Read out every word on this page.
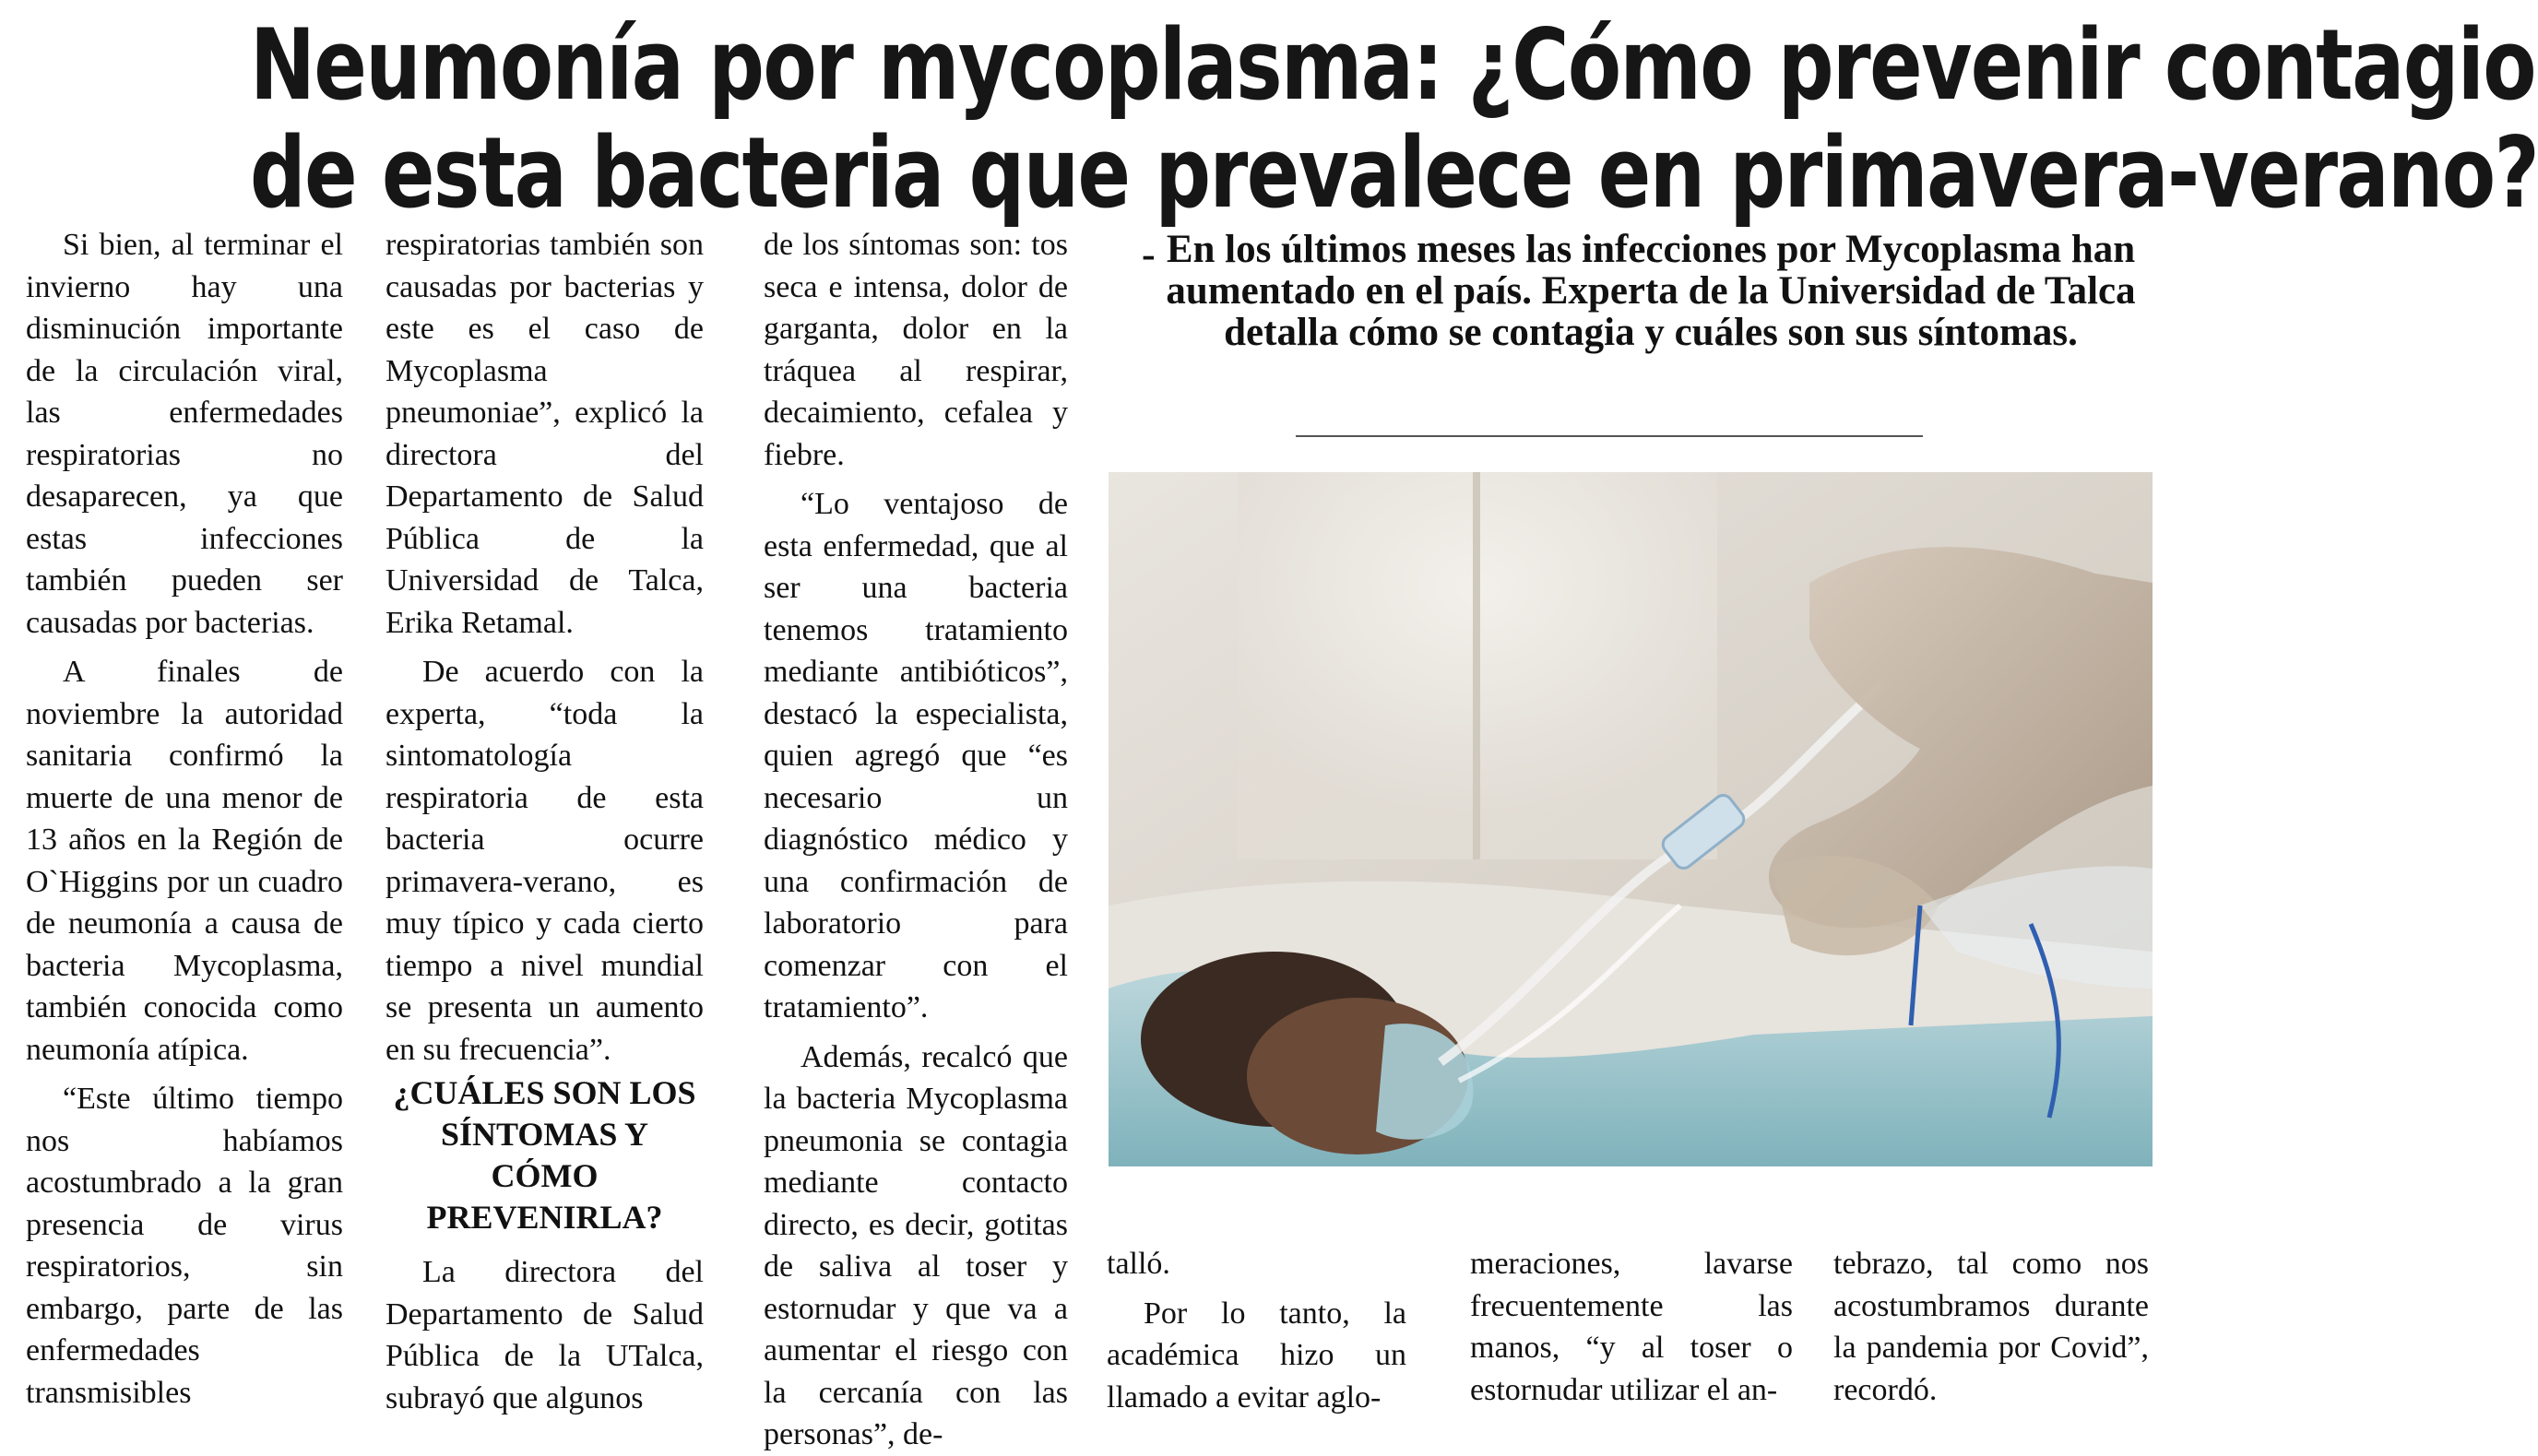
Neumonía por mycoplasma: ¿Cómo prevenir contagio
de esta bacteria que prevalece en primavera-verano?

Si bien, al terminar el invierno hay una disminución importante de la circulación viral, las enfermedades respiratorias no desaparecen, ya que estas infecciones también pueden ser causadas por bacterias.

A finales de noviembre la autoridad sanitaria confirmó la muerte de una menor de 13 años en la Región de O`Higgins por un cuadro de neumonía a causa de bacteria Mycoplasma, también conocida como neumonía atípica.

“Este último tiempo nos habíamos acostumbrado a la gran presencia de virus respiratorios, sin embargo, parte de las enfermedades transmisibles

respiratorias también son causadas por bacterias y este es el caso de Mycoplasma pneumoniae”, explicó la directora del Departamento de Salud Pública de la Universidad de Talca, Erika Retamal.

De acuerdo con la experta, “toda la sintomatología respiratoria de esta bacteria ocurre primavera-verano, es muy típico y cada cierto tiempo a nivel mundial se presenta un aumento en su frecuencia”.

¿CUÁLES SON LOS SÍNTOMAS Y CÓMO PREVENIRLA?

La directora del Departamento de Salud Pública de la UTalca, subrayó que algunos

de los síntomas son: tos seca e intensa, dolor de garganta, dolor en la tráquea al respirar, decaimiento, cefalea y fiebre.

“Lo ventajoso de esta enfermedad, que al ser una bacteria tenemos tratamiento mediante antibióticos”, destacó la especialista, quien agregó que “es necesario un diagnóstico médico y una confirmación de laboratorio para comenzar con el tratamiento”.

Además, recalcó que la bacteria Mycoplasma pneumonia se contagia mediante contacto directo, es decir, gotitas de saliva al toser y estornudar y que va a aumentar el riesgo con la cercanía con las personas”, de-

- En los últimos meses las infecciones por Mycoplasma han aumentado en el país. Experta de la Universidad de Talca detalla cómo se contagia y cuáles son sus síntomas.

talló.

Por lo tanto, la académica hizo un llamado a evitar aglo-

meraciones, lavarse frecuentemente las manos, “y al toser o estornudar utilizar el an-

tebrazo, tal como nos acostumbramos durante la pandemia por Covid”, recordó.
